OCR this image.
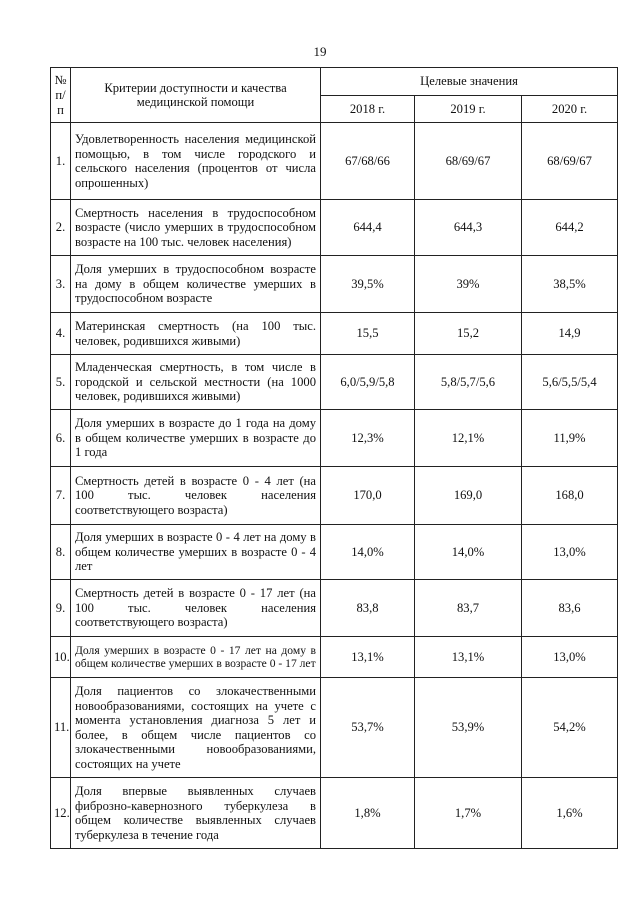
19
№ п/п	Критерии доступности и качества медицинской помощи	Целевые значения		
		2018 г.	2019 г.	2020 г.
1.	Удовлетворенность населения медицинской помощью, в том числе городского и сельского населения (процентов от числа опрошенных)	67/68/66	68/69/67	68/69/67
2.	Смертность населения в трудоспособном возрасте (число умерших в трудоспособном возрасте на 100 тыс. человек населения)	644,4	644,3	644,2
3.	Доля умерших в трудоспособном возрасте на дому в общем количестве умерших в трудоспособном возрасте	39,5%	39%	38,5%
4.	Материнская смертность (на 100 тыс. человек, родившихся живыми)	15,5	15,2	14,9
5.	Младенческая смертность, в том числе в городской и сельской местности (на 1000 человек, родившихся живыми)	6,0/5,9/5,8	5,8/5,7/5,6	5,6/5,5/5,4
6.	Доля умерших в возрасте до 1 года на дому в общем количестве умерших в возрасте до 1 года	12,3%	12,1%	11,9%
7.	Смертность детей в возрасте 0 - 4 лет (на 100 тыс. человек населения соответствующего возраста)	170,0	169,0	168,0
8.	Доля умерших в возрасте 0 - 4 лет на дому в общем количестве умерших в возрасте 0 - 4 лет	14,0%	14,0%	13,0%
9.	Смертность детей в возрасте 0 - 17 лет (на 100 тыс. человек населения соответствующего возраста)	83,8	83,7	83,6
10.	Доля умерших в возрасте 0 - 17 лет на дому в общем количестве умерших в возрасте 0 - 17 лет	13,1%	13,1%	13,0%
11.	Доля пациентов со злокачественными новообразованиями, состоящих на учете с момента установления диагноза 5 лет и более, в общем числе пациентов со злокачественными новообразованиями, состоящих на учете	53,7%	53,9%	54,2%
12.	Доля впервые выявленных случаев фиброзно-кавернозного туберкулеза в общем количестве выявленных случаев туберкулеза в течение года	1,8%	1,7%	1,6%
